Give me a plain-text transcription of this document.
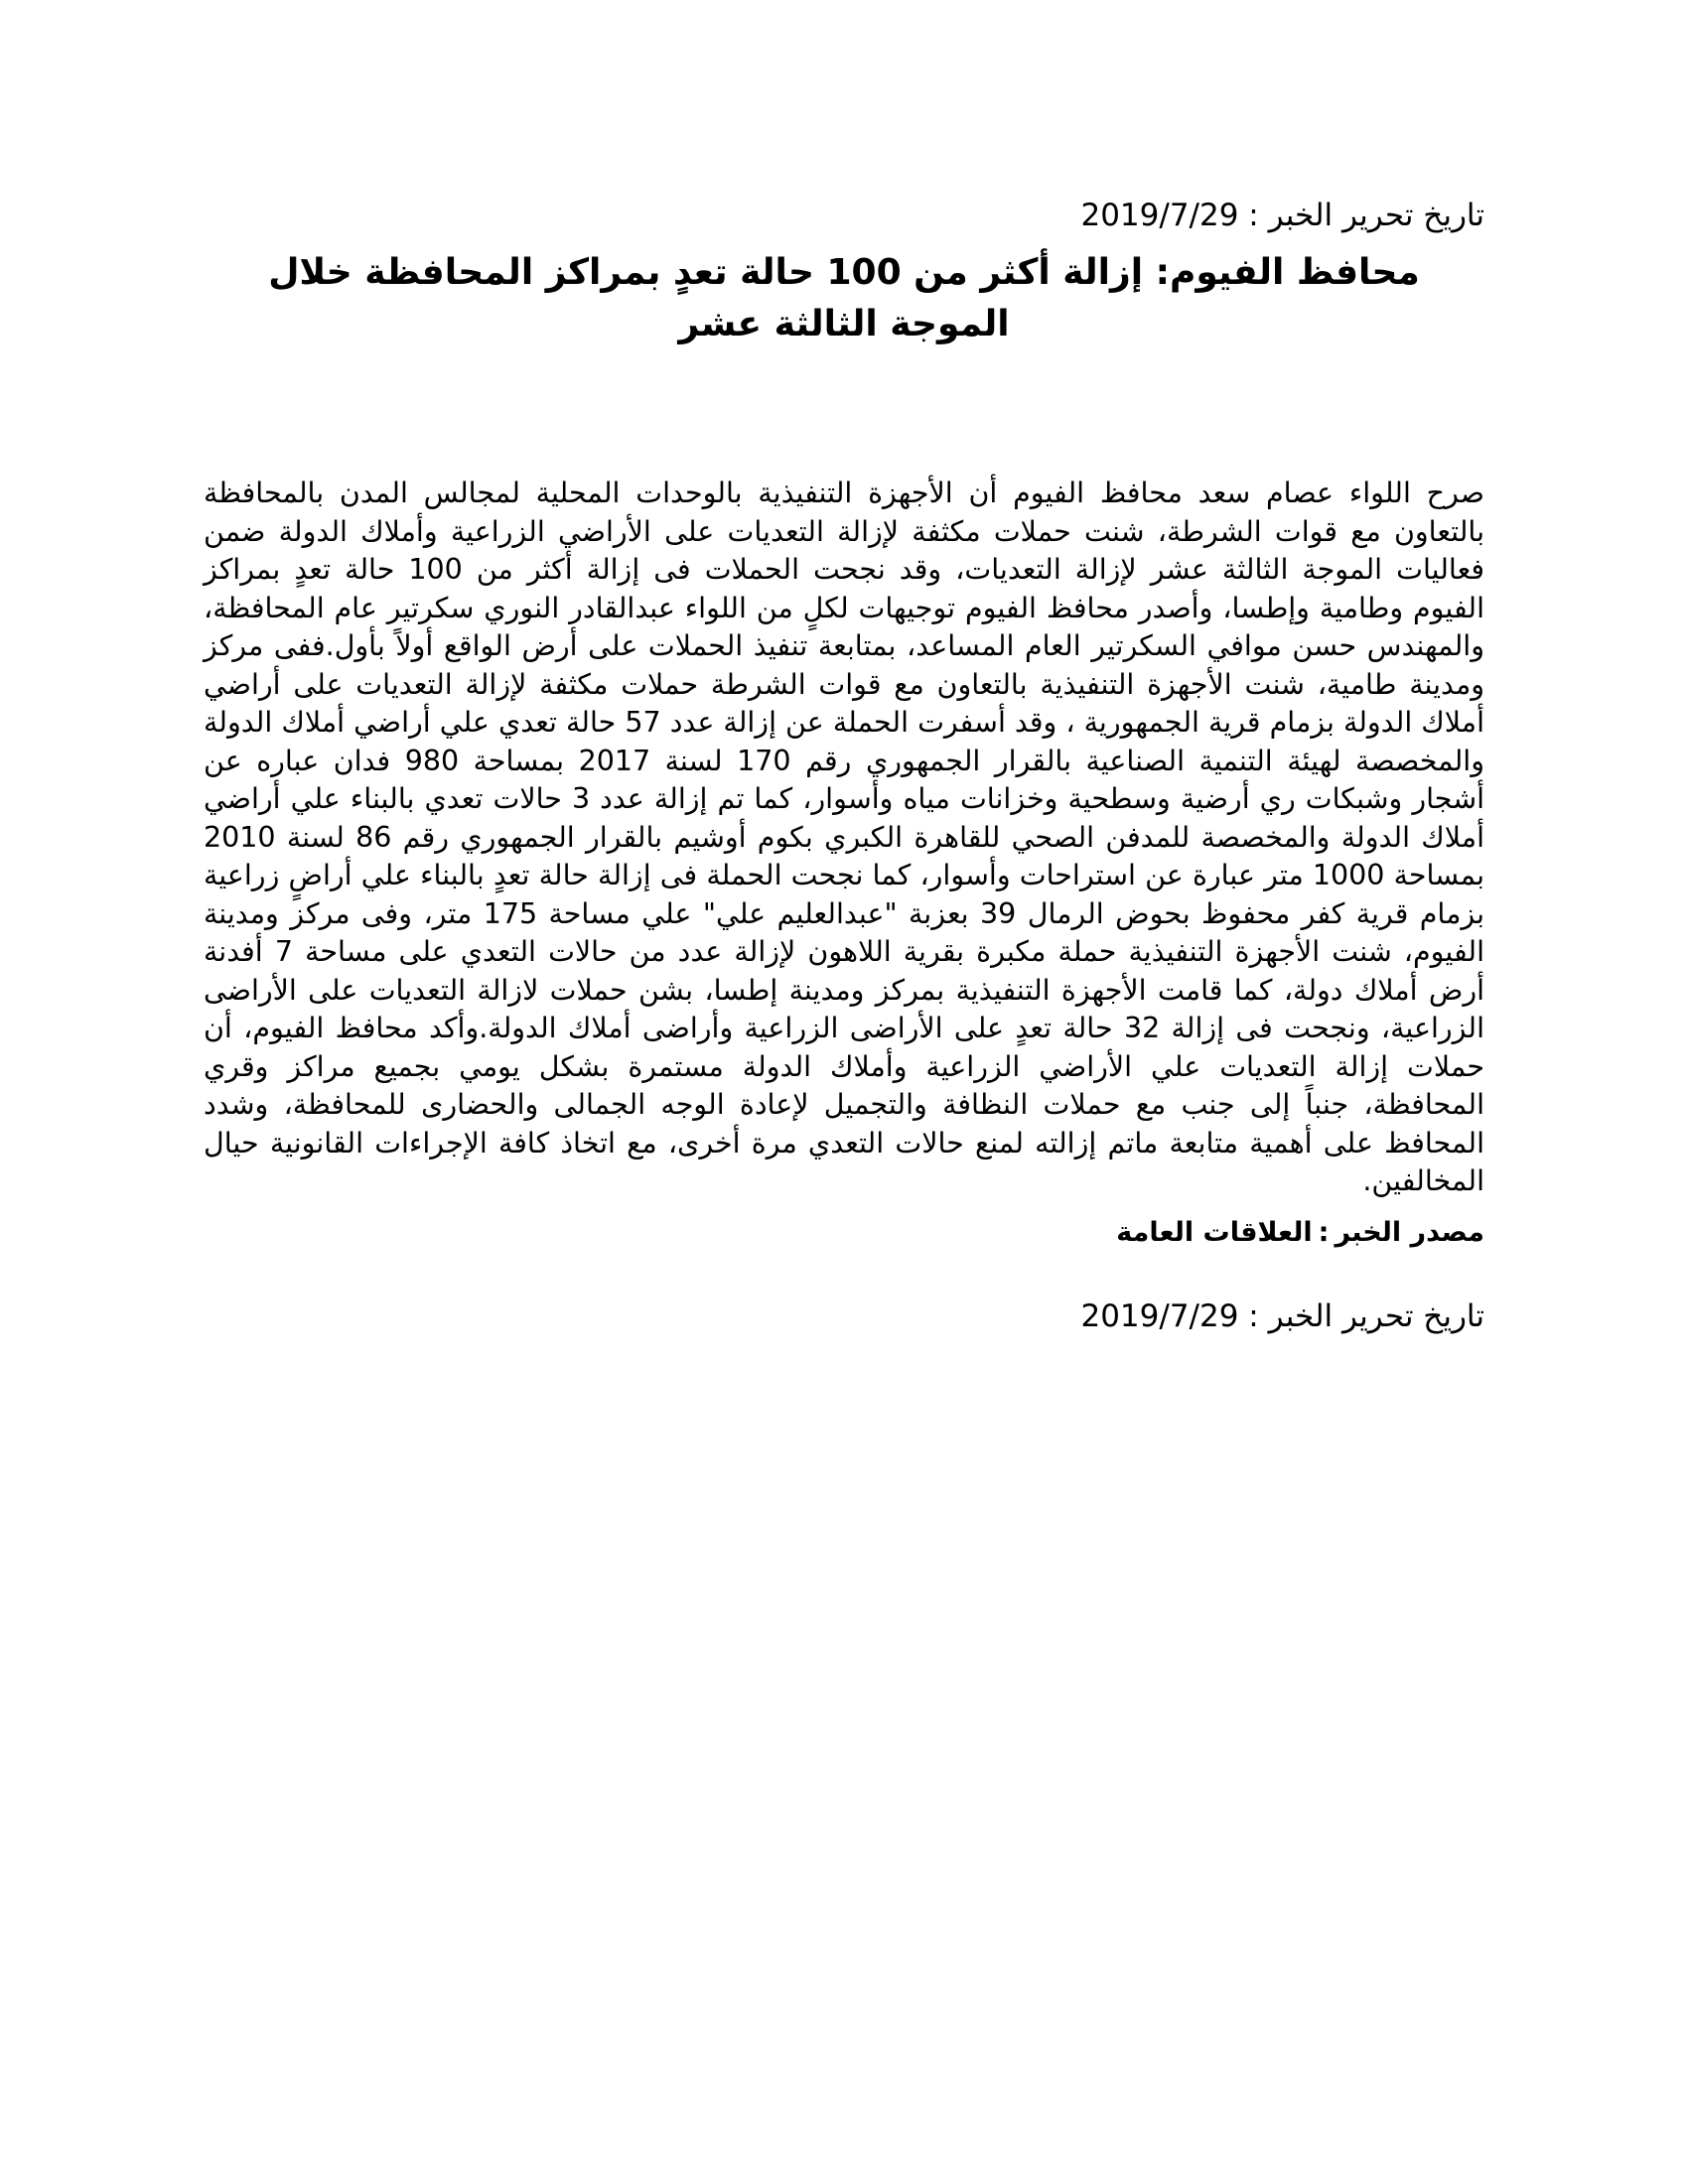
تاريخ تحرير الخبر : 2019/7/29

محافظ الفيوم: إزالة أكثر من 100 حالة تعدٍ بمراكز المحافظة خلال الموجة الثالثة عشر
صرح اللواء عصام سعد محافظ الفيوم أن الأجهزة التنفيذية بالوحدات المحلية لمجالس المدن بالمحافظة بالتعاون مع قوات الشرطة، شنت حملات مكثفة لإزالة التعديات على الأراضي الزراعية وأملاك الدولة ضمن فعاليات الموجة الثالثة عشر لإزالة التعديات، وقد نجحت الحملات فى إزالة أكثر من 100 حالة تعدٍ بمراكز الفيوم وطامية وإطسا، وأصدر محافظ الفيوم توجيهات لكلٍ من اللواء عبدالقادر النوري سكرتير عام المحافظة، والمهندس حسن موافي السكرتير العام المساعد، بمتابعة تنفيذ الحملات على أرض الواقع أولاً بأول.ففى مركز ومدينة طامية، شنت الأجهزة التنفيذية بالتعاون مع قوات الشرطة حملات مكثفة لإزالة التعديات على أراضي أملاك الدولة بزمام قرية الجمهورية ، وقد أسفرت الحملة عن إزالة عدد 57 حالة تعدي علي أراضي أملاك الدولة والمخصصة لهيئة التنمية الصناعية بالقرار الجمهوري رقم 170 لسنة 2017 بمساحة 980 فدان عباره عن أشجار وشبكات ري أرضية وسطحية وخزانات مياه وأسوار، كما تم إزالة عدد 3 حالات تعدي بالبناء علي أراضي أملاك الدولة والمخصصة للمدفن الصحي للقاهرة الكبري بكوم أوشيم بالقرار الجمهوري رقم 86 لسنة 2010 بمساحة 1000 متر عبارة عن استراحات وأسوار، كما نجحت الحملة فى إزالة حالة تعدٍ بالبناء علي أراضٍ زراعية بزمام قرية كفر محفوظ بحوض الرمال 39 بعزبة "عبدالعليم علي" علي مساحة 175 متر، وفى مركز ومدينة الفيوم، شنت الأجهزة التنفيذية حملة مكبرة بقرية اللاهون لإزالة عدد من حالات التعدي على مساحة 7 أفدنة أرض أملاك دولة، كما قامت الأجهزة التنفيذية بمركز ومدينة إطسا، بشن حملات لازالة التعديات على الأراضى الزراعية، ونجحت فى إزالة 32 حالة تعدٍ على الأراضى الزراعية وأراضى أملاك الدولة.وأكد محافظ الفيوم، أن حملات إزالة التعديات علي الأراضي الزراعية وأملاك الدولة مستمرة بشكل يومي بجميع مراكز وقري المحافظة، جنباً إلى جنب مع حملات النظافة والتجميل لإعادة الوجه الجمالى والحضارى للمحافظة، وشدد المحافظ على أهمية متابعة ماتم إزالته لمنع حالات التعدي مرة أخرى، مع اتخاذ كافة الإجراءات القانونية حيال المخالفين.
مصدر الخبر:العلاقات العامة

تاريخ تحرير الخبر : 2019/7/29
